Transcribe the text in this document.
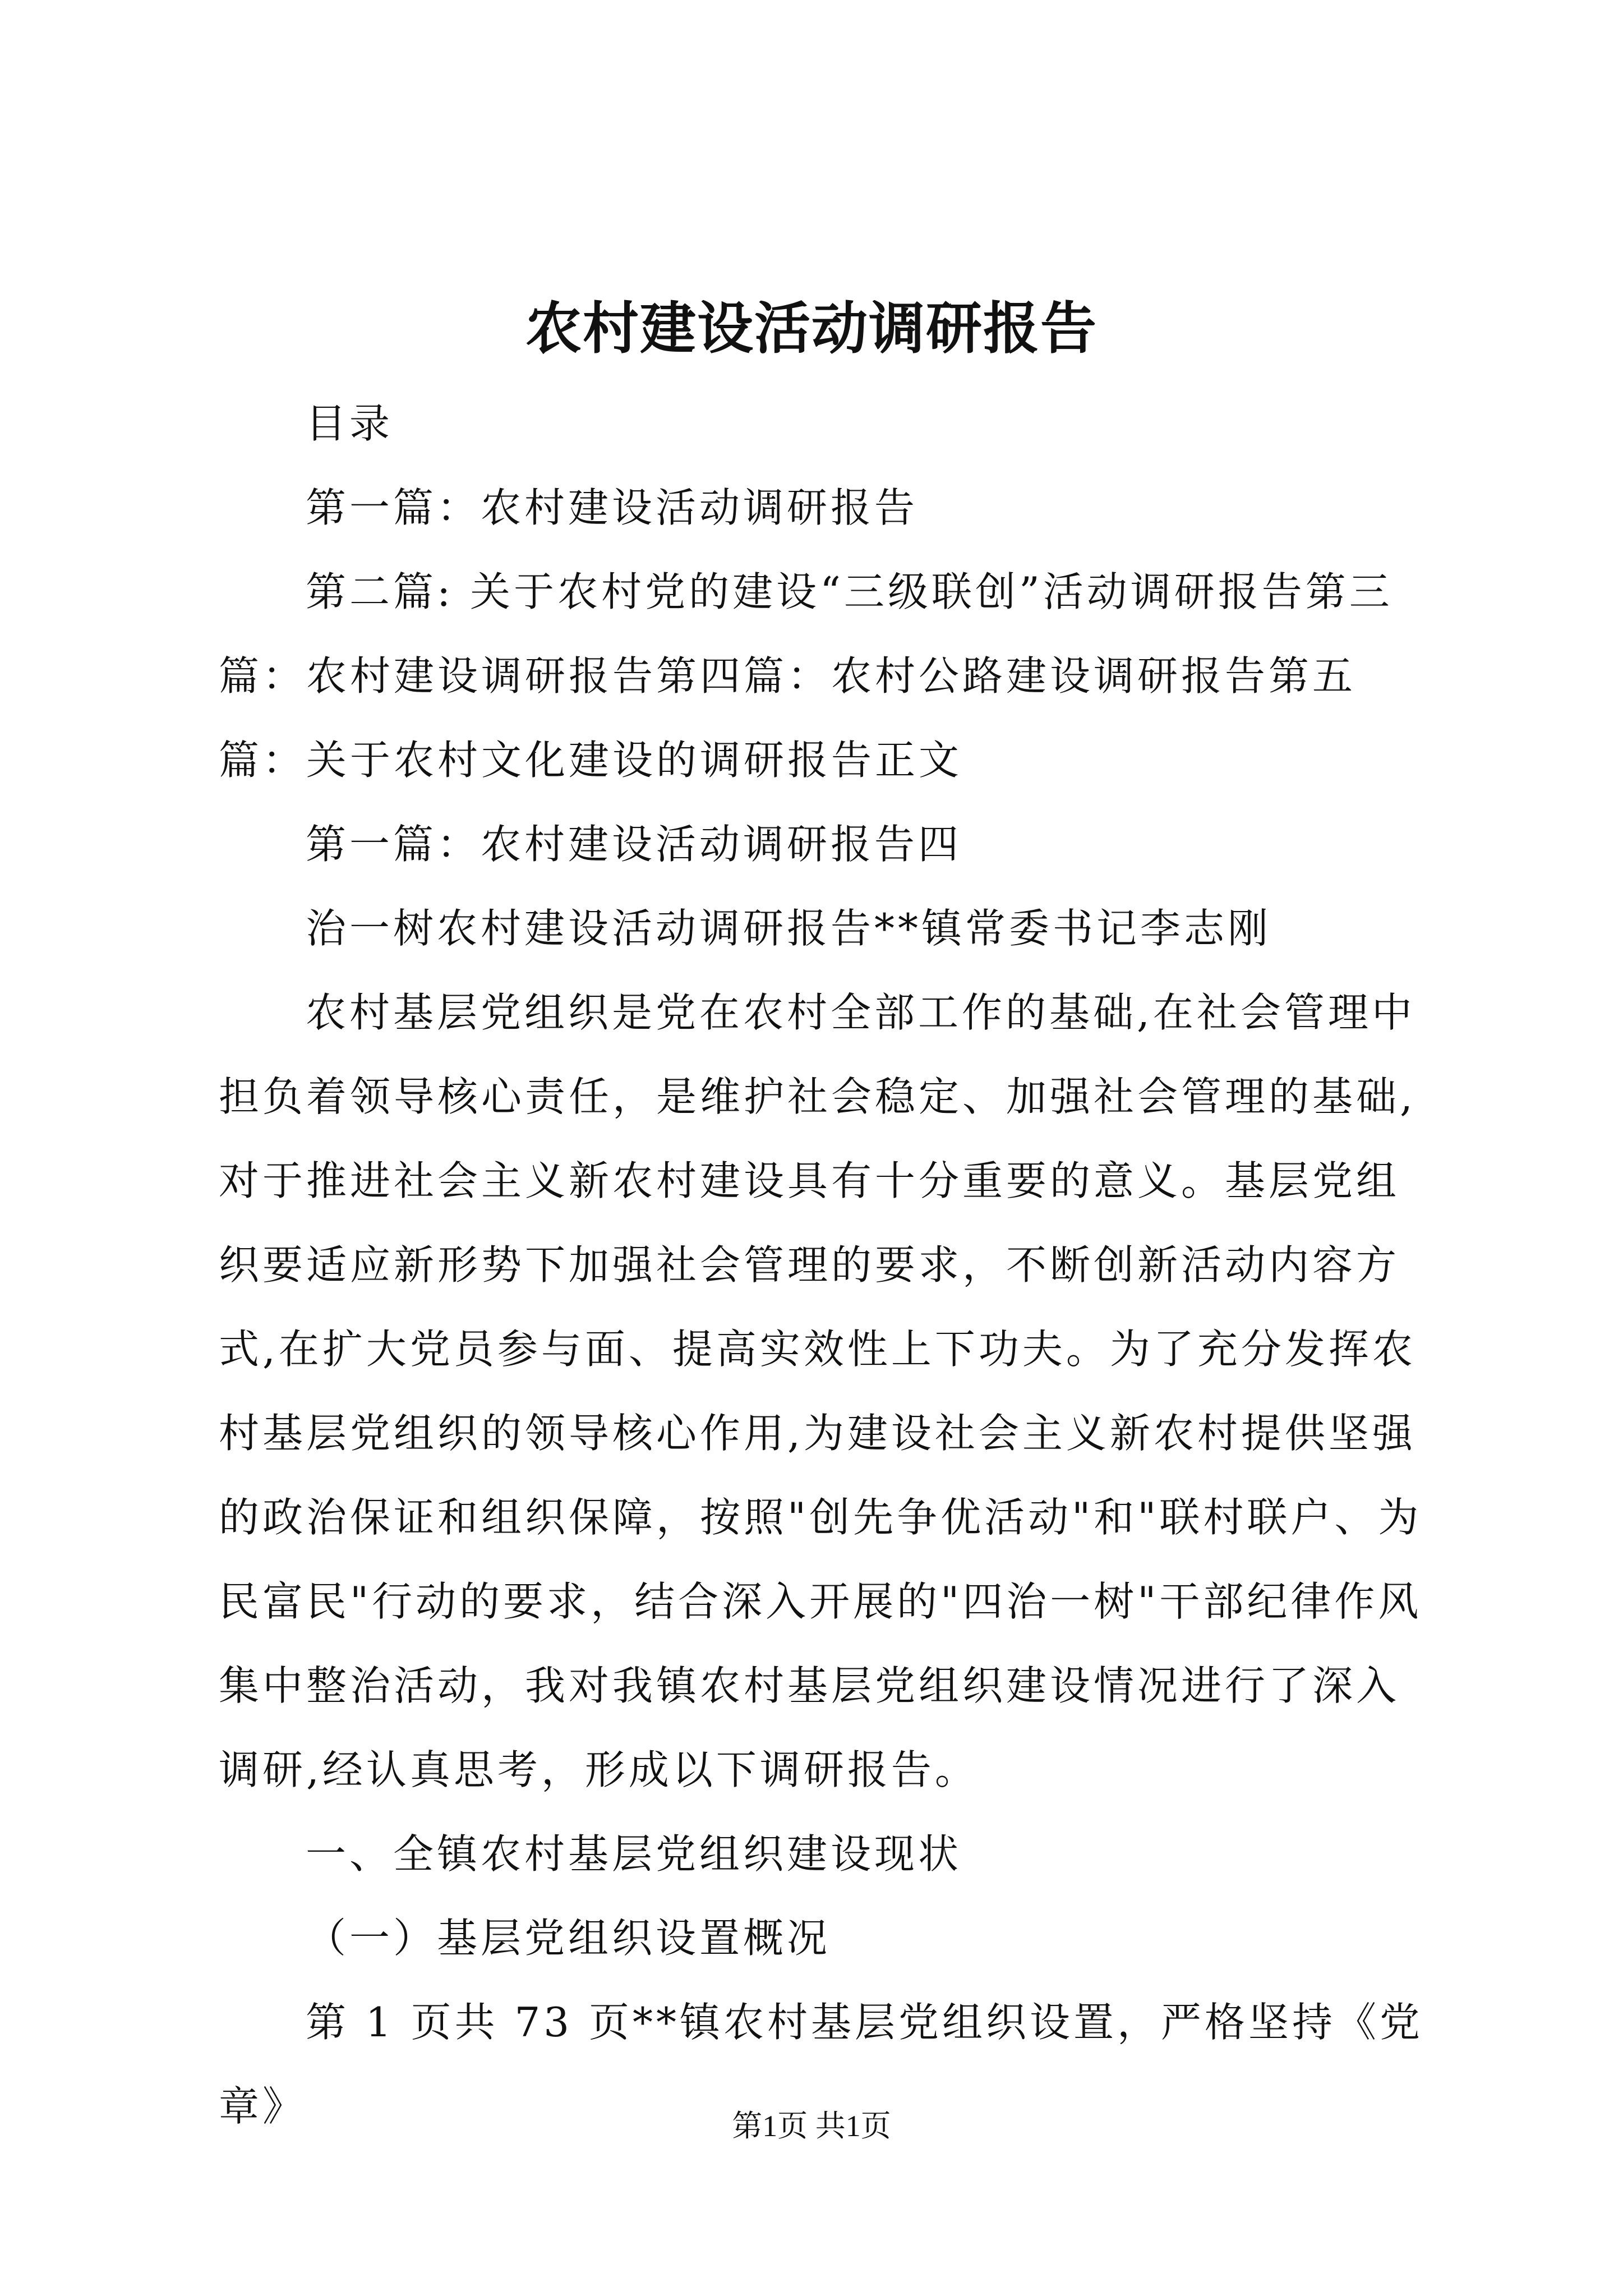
农村建设活动调研报告

目录

第一篇：农村建设活动调研报告

第二篇: 关于农村党的建设“三级联创”活动调研报告第三篇：农村建设调研报告第四篇：农村公路建设调研报告第五篇：关于农村文化建设的调研报告正文

第一篇：农村建设活动调研报告四

治一树农村建设活动调研报告**镇常委书记李志刚

农村基层党组织是党在农村全部工作的基础,在社会管理中担负着领导核心责任，是维护社会稳定、加强社会管理的基础,对于推进社会主义新农村建设具有十分重要的意义。基层党组织要适应新形势下加强社会管理的要求，不断创新活动内容方式,在扩大党员参与面、提高实效性上下功夫。为了充分发挥农村基层党组织的领导核心作用,为建设社会主义新农村提供坚强的政治保证和组织保障，按照"创先争优活动"和"联村联户、为民富民"行动的要求，结合深入开展的"四治一树"干部纪律作风集中整治活动，我对我镇农村基层党组织建设情况进行了深入调研,经认真思考，形成以下调研报告。

一、全镇农村基层党组织建设现状

（一）基层党组织设置概况

第 1 页共 73 页**镇农村基层党组织设置，严格坚持《党章》	第1页 共1页
